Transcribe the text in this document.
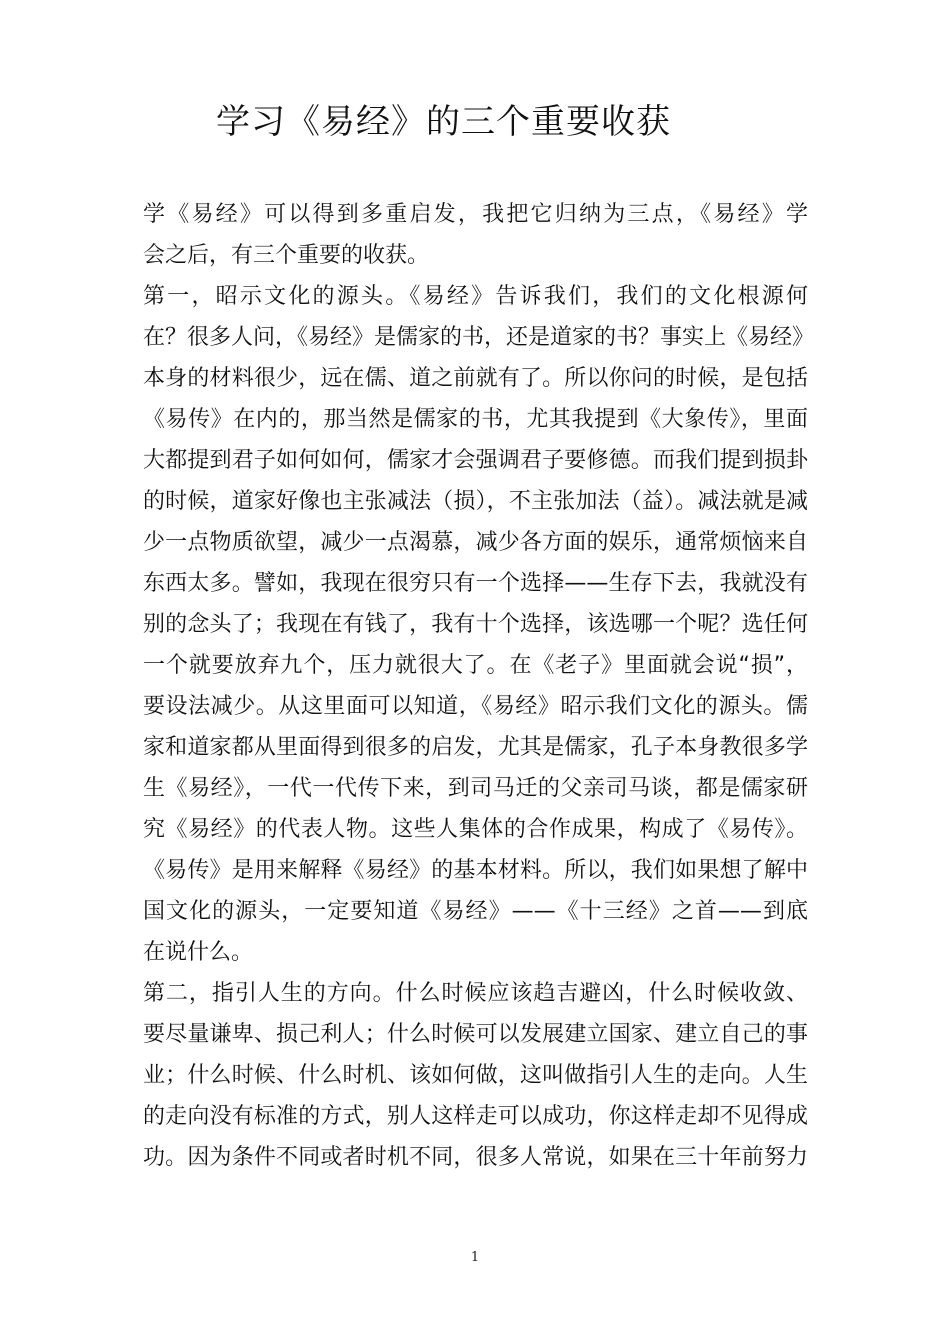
学习《易经》的三个重要收获
学《易经》可以得到多重启发，我把它归纳为三点，《易经》学
会之后，有三个重要的收获。
第一，昭示文化的源头。《易经》告诉我们，我们的文化根源何
在？很多人问，《易经》是儒家的书，还是道家的书？事实上《易经》
本身的材料很少，远在儒、道之前就有了。所以你问的时候，是包括
《易传》在内的，那当然是儒家的书，尤其我提到《大象传》，里面
大都提到君子如何如何，儒家才会强调君子要修德。而我们提到损卦
的时候，道家好像也主张减法（损），不主张加法（益）。减法就是减
少一点物质欲望，减少一点渴慕，减少各方面的娱乐，通常烦恼来自
东西太多。譬如，我现在很穷只有一个选择——生存下去，我就没有
别的念头了；我现在有钱了，我有十个选择，该选哪一个呢？选任何
一个就要放弃九个，压力就很大了。在《老子》里面就会说“损”，
要设法减少。从这里面可以知道，《易经》昭示我们文化的源头。儒
家和道家都从里面得到很多的启发，尤其是儒家，孔子本身教很多学
生《易经》，一代一代传下来，到司马迁的父亲司马谈，都是儒家研
究《易经》的代表人物。这些人集体的合作成果，构成了《易传》。
《易传》是用来解释《易经》的基本材料。所以，我们如果想了解中
国文化的源头，一定要知道《易经》——《十三经》之首——到底
在说什么。
第二，指引人生的方向。什么时候应该趋吉避凶，什么时候收敛、
要尽量谦卑、损己利人；什么时候可以发展建立国家、建立自己的事
业；什么时候、什么时机、该如何做，这叫做指引人生的走向。人生
的走向没有标准的方式，别人这样走可以成功，你这样走却不见得成
功。因为条件不同或者时机不同，很多人常说，如果在三十年前努力
1
